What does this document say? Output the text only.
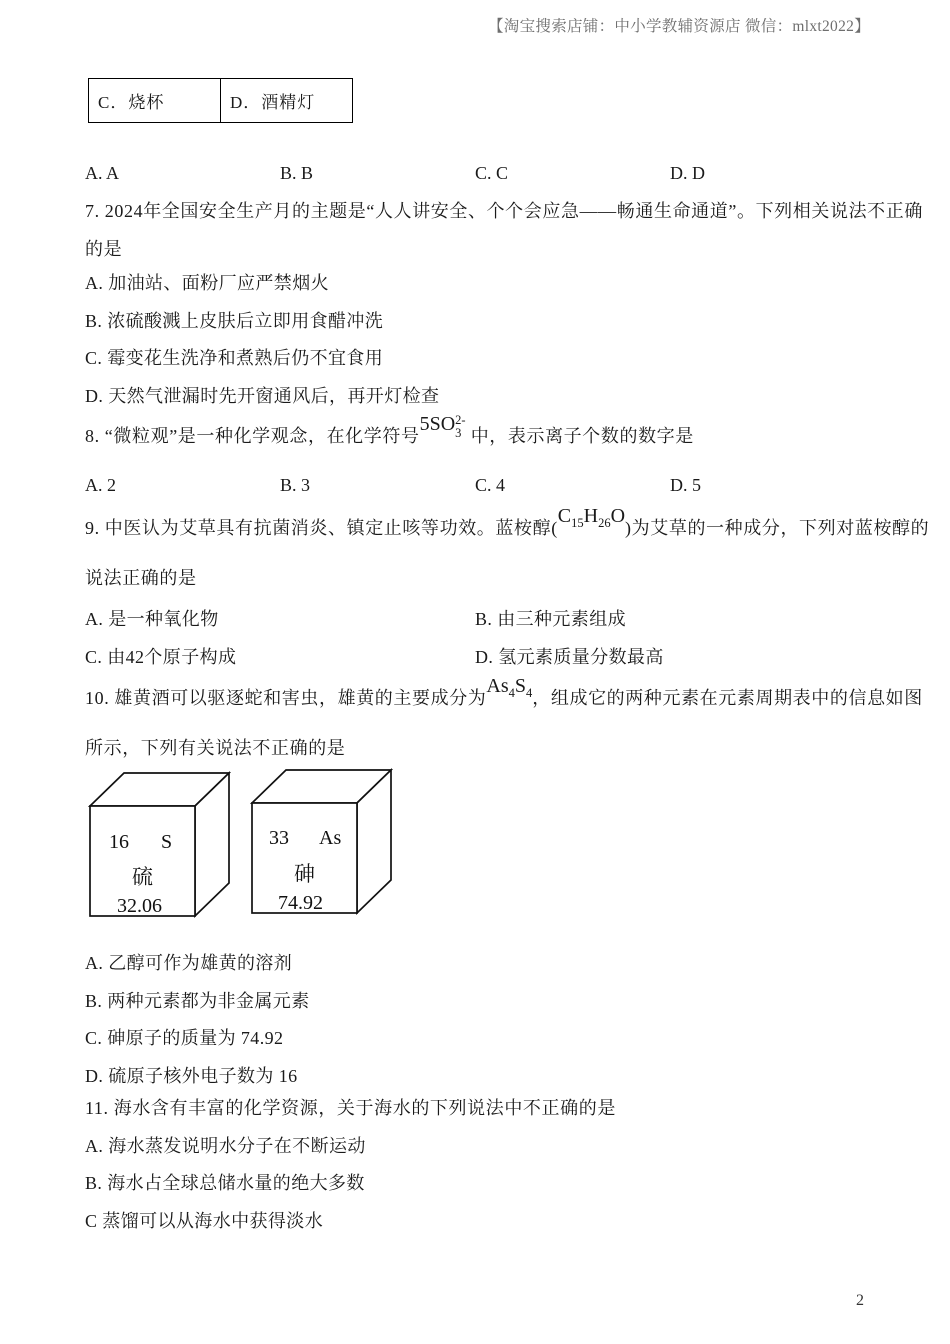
【淘宝搜索店铺：中小学教辅资源店 微信：mlxt2022】
C．烧杯	D．酒精灯
A. A	B. B	C. C	D. D
7. 2024年全国安全生产月的主题是“人人讲安全、个个会应急——畅通生命通道”。下列相关说法不正确
的是
A. 加油站、面粉厂应严禁烟火
B. 浓硫酸溅上皮肤后立即用食醋冲洗
C. 霉变花生洗净和煮熟后仍不宜食用
D. 天然气泄漏时先开窗通风后，再开灯检查
8. “微粒观”是一种化学观念，在化学符号5SO 2-
3 中，表示离子个数的数字是
A. 2	B. 3	C. 4	D. 5
9. 中医认为艾草具有抗菌消炎、镇定止咳等功效。蓝桉醇$(C_{15}H_{26}O)$为艾草的一种成分，下列对蓝桉醇的
说法正确的是
A. 是一种氧化物	B. 由三种元素组成
C. 由42个原子构成	D. 氢元素质量分数最高
10. 雄黄酒可以驱逐蛇和害虫，雄黄的主要成分为$As_4S_4$，组成它的两种元素在元素周期表中的信息如图
所示，下列有关说法不正确的是
16 S
硫
32.06
33 As
砷
74.92
A. 乙醇可作为雄黄的溶剂
B. 两种元素都为非金属元素
C. 砷原子的质量为 74.92
D. 硫原子核外电子数为 16
11. 海水含有丰富的化学资源，关于海水的下列说法中不正确的是
A. 海水蒸发说明水分子在不断运动
B. 海水占全球总储水量的绝大多数
C 蒸馏可以从海水中获得淡水
2
